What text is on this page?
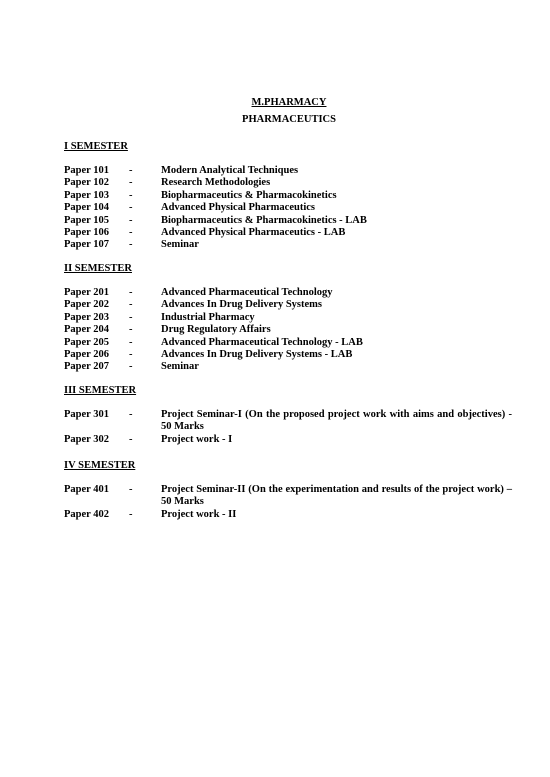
M.PHARMACY
PHARMACEUTICS
I SEMESTER
Paper 101 -	Modern Analytical Techniques
Paper 102 -	Research Methodologies
Paper 103 -	Biopharmaceutics & Pharmacokinetics
Paper 104 -	Advanced Physical Pharmaceutics
Paper 105 -	Biopharmaceutics & Pharmacokinetics - LAB
Paper 106 -	Advanced Physical Pharmaceutics - LAB
Paper 107 -	Seminar
II SEMESTER
Paper 201 -	Advanced Pharmaceutical Technology
Paper 202 -	Advances In Drug Delivery Systems
Paper 203 -	Industrial Pharmacy
Paper 204 -	Drug Regulatory Affairs
Paper 205 -	Advanced Pharmaceutical Technology - LAB
Paper 206 -	Advances In Drug Delivery Systems - LAB
Paper 207 -	Seminar
III SEMESTER
Paper 301 -	Project Seminar-I (On the proposed project work with aims and objectives) - 50 Marks
Paper 302 -	Project work - I
IV SEMESTER
Paper 401 -	Project Seminar-II (On the experimentation and results of the project work) – 50 Marks
Paper 402 -	Project work - II
